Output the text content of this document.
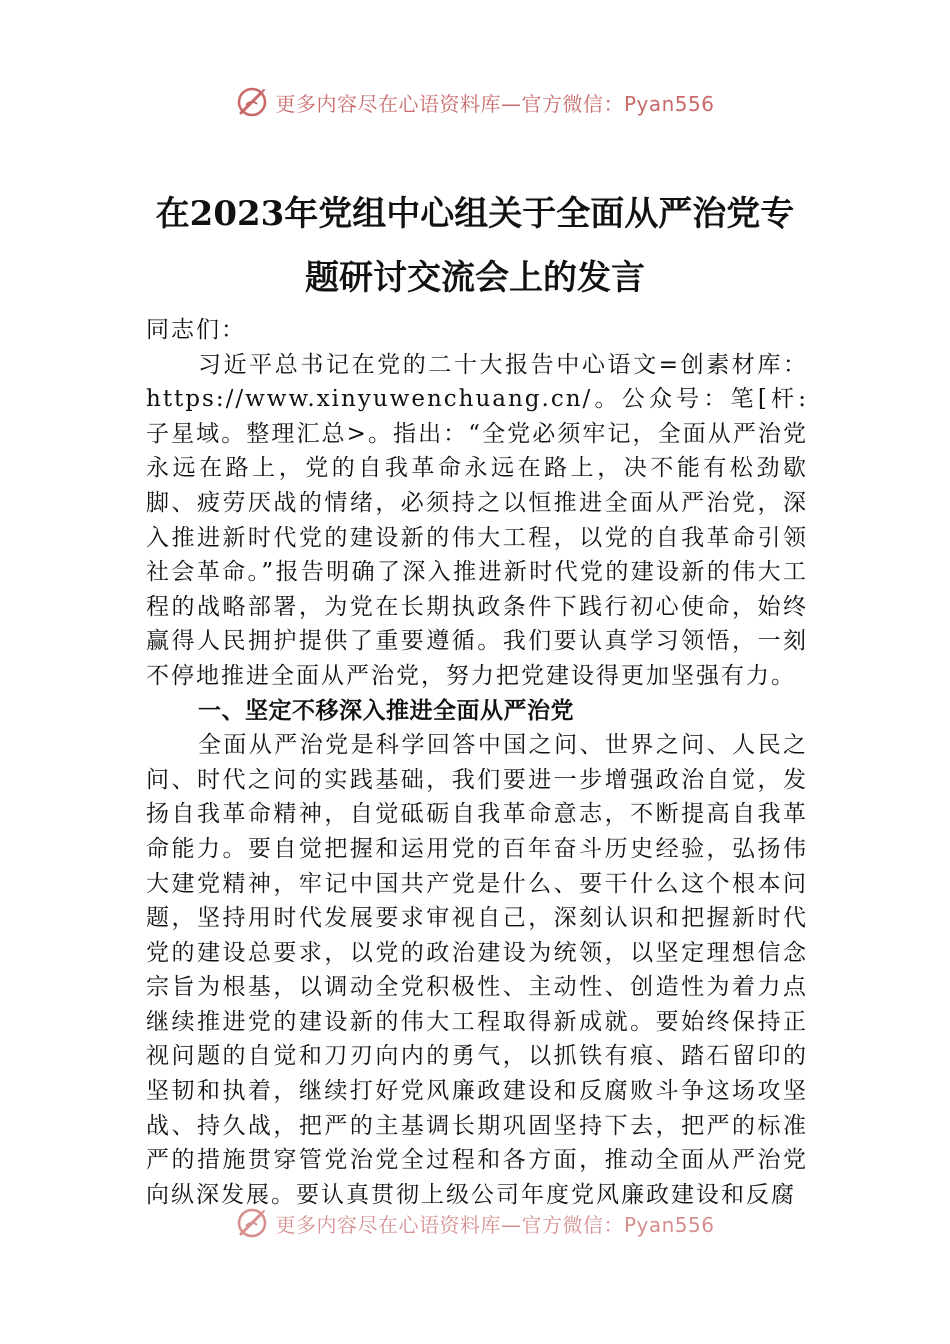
更多内容尽在心语资料库—官方微信：Pyan556
在2023年党组中心组关于全面从严治党专
题研讨交流会上的发言

同志们：

习近平总书记在党的二十大报告中心语文=创素材库：https://www.xinyuwenchuang.cn/。公众号：笔[杆:子星域。整理汇总>。指出：“全党必须牢记，全面从严治党永远在路上，党的自我革命永远在路上，决不能有松劲歇脚、疲劳厌战的情绪，必须持之以恒推进全面从严治党，深入推进新时代党的建设新的伟大工程，以党的自我革命引领社会革命。”报告明确了深入推进新时代党的建设新的伟大工程的战略部署，为党在长期执政条件下践行初心使命，始终赢得人民拥护提供了重要遵循。我们要认真学习领悟，一刻不停地推进全面从严治党，努力把党建设得更加坚强有力。

一、坚定不移深入推进全面从严治党

全面从严治党是科学回答中国之问、世界之问、人民之问、时代之问的实践基础，我们要进一步增强政治自觉，发扬自我革命精神，自觉砥砺自我革命意志，不断提高自我革命能力。要自觉把握和运用党的百年奋斗历史经验，弘扬伟大建党精神，牢记中国共产党是什么、要干什么这个根本问题，坚持用时代发展要求审视自己，深刻认识和把握新时代党的建设总要求，以党的政治建设为统领，以坚定理想信念宗旨为根基，以调动全党积极性、主动性、创造性为着力点继续推进党的建设新的伟大工程取得新成就。要始终保持正视问题的自觉和刀刃向内的勇气，以抓铁有痕、踏石留印的坚韧和执着，继续打好党风廉政建设和反腐败斗争这场攻坚战、持久战，把严的主基调长期巩固坚持下去，把严的标准严的措施贯穿管党治党全过程和各方面，推动全面从严治党向纵深发展。要认真贯彻上级公司年度党风廉政建设和反腐

更多内容尽在心语资料库—官方微信：Pyan556
